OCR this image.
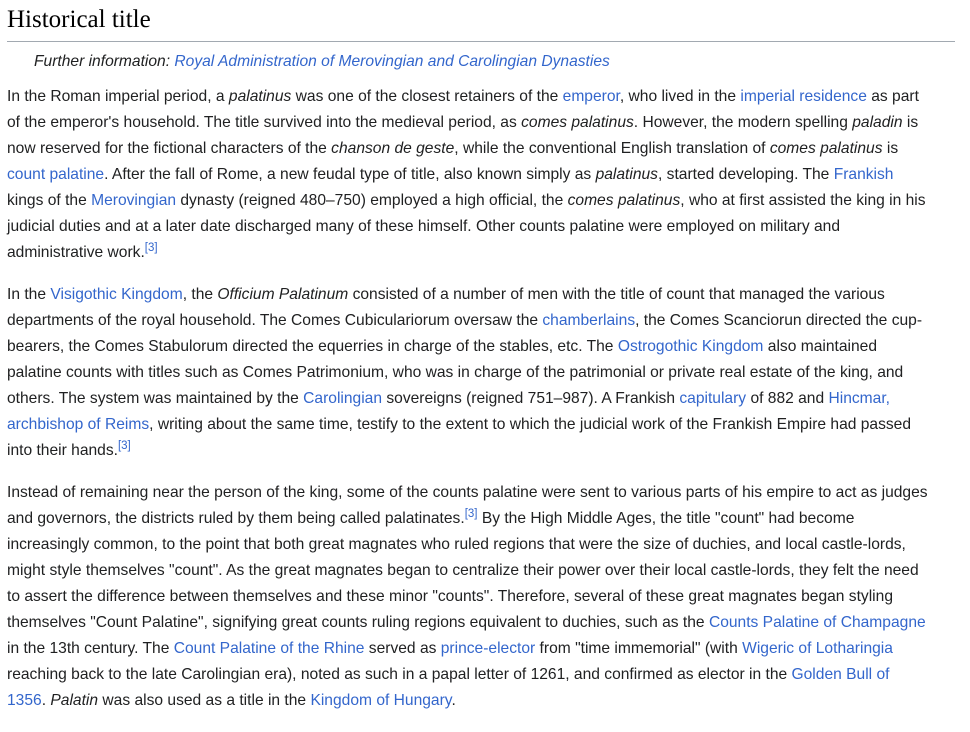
Historical title
Further information: Royal Administration of Merovingian and Carolingian Dynasties

In the Roman imperial period, a palatinus was one of the closest retainers of the emperor, who lived in the imperial residence as part
of the emperor's household. The title survived into the medieval period, as comes palatinus. However, the modern spelling paladin is
now reserved for the fictional characters of the chanson de geste, while the conventional English translation of comes palatinus is
count palatine. After the fall of Rome, a new feudal type of title, also known simply as palatinus, started developing. The Frankish
kings of the Merovingian dynasty (reigned 480–750) employed a high official, the comes palatinus, who at first assisted the king in his
judicial duties and at a later date discharged many of these himself. Other counts palatine were employed on military and
administrative work.[3]

In the Visigothic Kingdom, the Officium Palatinum consisted of a number of men with the title of count that managed the various
departments of the royal household. The Comes Cubiculariorum oversaw the chamberlains, the Comes Scanciorun directed the cup-
bearers, the Comes Stabulorum directed the equerries in charge of the stables, etc. The Ostrogothic Kingdom also maintained
palatine counts with titles such as Comes Patrimonium, who was in charge of the patrimonial or private real estate of the king, and
others. The system was maintained by the Carolingian sovereigns (reigned 751–987). A Frankish capitulary of 882 and Hincmar,
archbishop of Reims, writing about the same time, testify to the extent to which the judicial work of the Frankish Empire had passed
into their hands.[3]

Instead of remaining near the person of the king, some of the counts palatine were sent to various parts of his empire to act as judges
and governors, the districts ruled by them being called palatinates.[3] By the High Middle Ages, the title "count" had become
increasingly common, to the point that both great magnates who ruled regions that were the size of duchies, and local castle-lords,
might style themselves "count". As the great magnates began to centralize their power over their local castle-lords, they felt the need
to assert the difference between themselves and these minor "counts". Therefore, several of these great magnates began styling
themselves "Count Palatine", signifying great counts ruling regions equivalent to duchies, such as the Counts Palatine of Champagne
in the 13th century. The Count Palatine of the Rhine served as prince-elector from "time immemorial" (with Wigeric of Lotharingia
reaching back to the late Carolingian era), noted as such in a papal letter of 1261, and confirmed as elector in the Golden Bull of
1356. Palatin was also used as a title in the Kingdom of Hungary.
